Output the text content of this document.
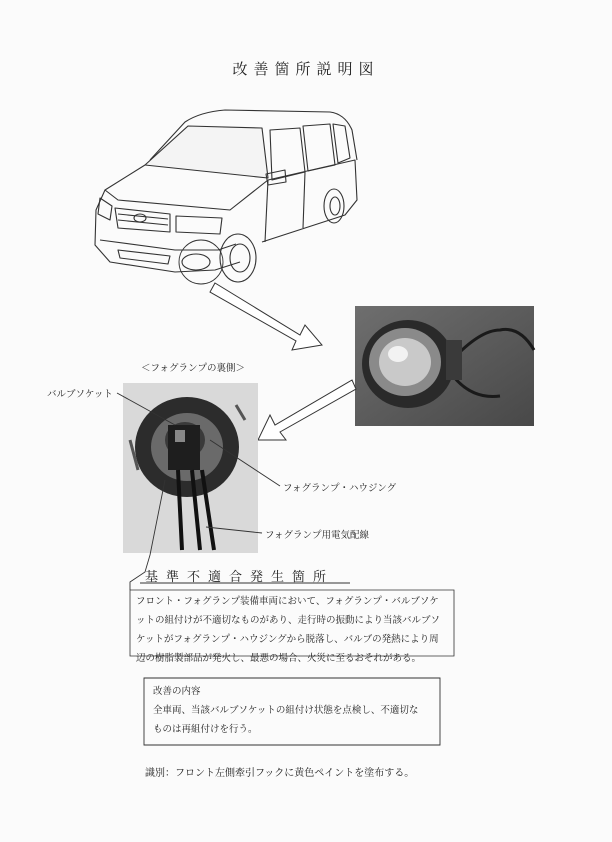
改善箇所説明図
＜フォグランプの裏側＞
バルブソケット
フォグランプ・ハウジング
フォグランプ用電気配線
基準不適合発生箇所

フロント・フォグランプ装備車両において、フォグランプ・バルブソケ

ットの組付けが不適切なものがあり、走行時の振動により当該バルブソ

ケットがフォグランプ・ハウジングから脱落し、バルブの発熱により周

辺の樹脂製部品が発火し、最悪の場合、火災に至るおそれがある。

改善の内容

全車両、当該バルブソケットの組付け状態を点検し、不適切な

ものは再組付けを行う。

識別：フロント左側牽引フックに黄色ペイントを塗布する。
